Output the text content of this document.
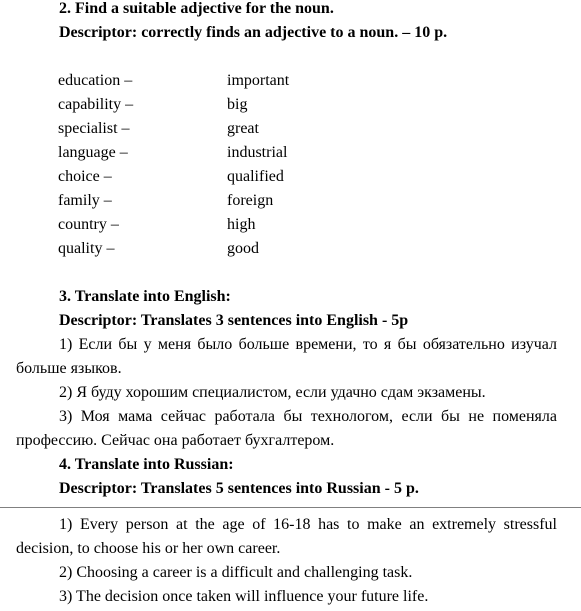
2. Find a suitable adjective for the noun.
Descriptor: correctly finds an adjective to a noun. – 10 p.
education –	important
capability –	big
specialist –	great
language –	industrial
choice –	qualified
family –	foreign
country –	high
quality –	good
3. Translate into English:
Descriptor: Translates 3 sentences into English - 5p
1) Если бы у меня было больше времени, то я бы обязательно изучал
больше языков.
2) Я буду хорошим специалистом, если удачно сдам экзамены.
3) Моя мама сейчас работала бы технологом, если бы не поменяла
профессию. Сейчас она работает бухгалтером.
4. Translate into Russian:
Descriptor: Translates 5 sentences into Russian - 5 p.
1) Every person at the age of 16-18 has to make an extremely stressful
decision, to choose his or her own career.
2) Choosing a career is a difficult and challenging task.
3) The decision once taken will influence your future life.
